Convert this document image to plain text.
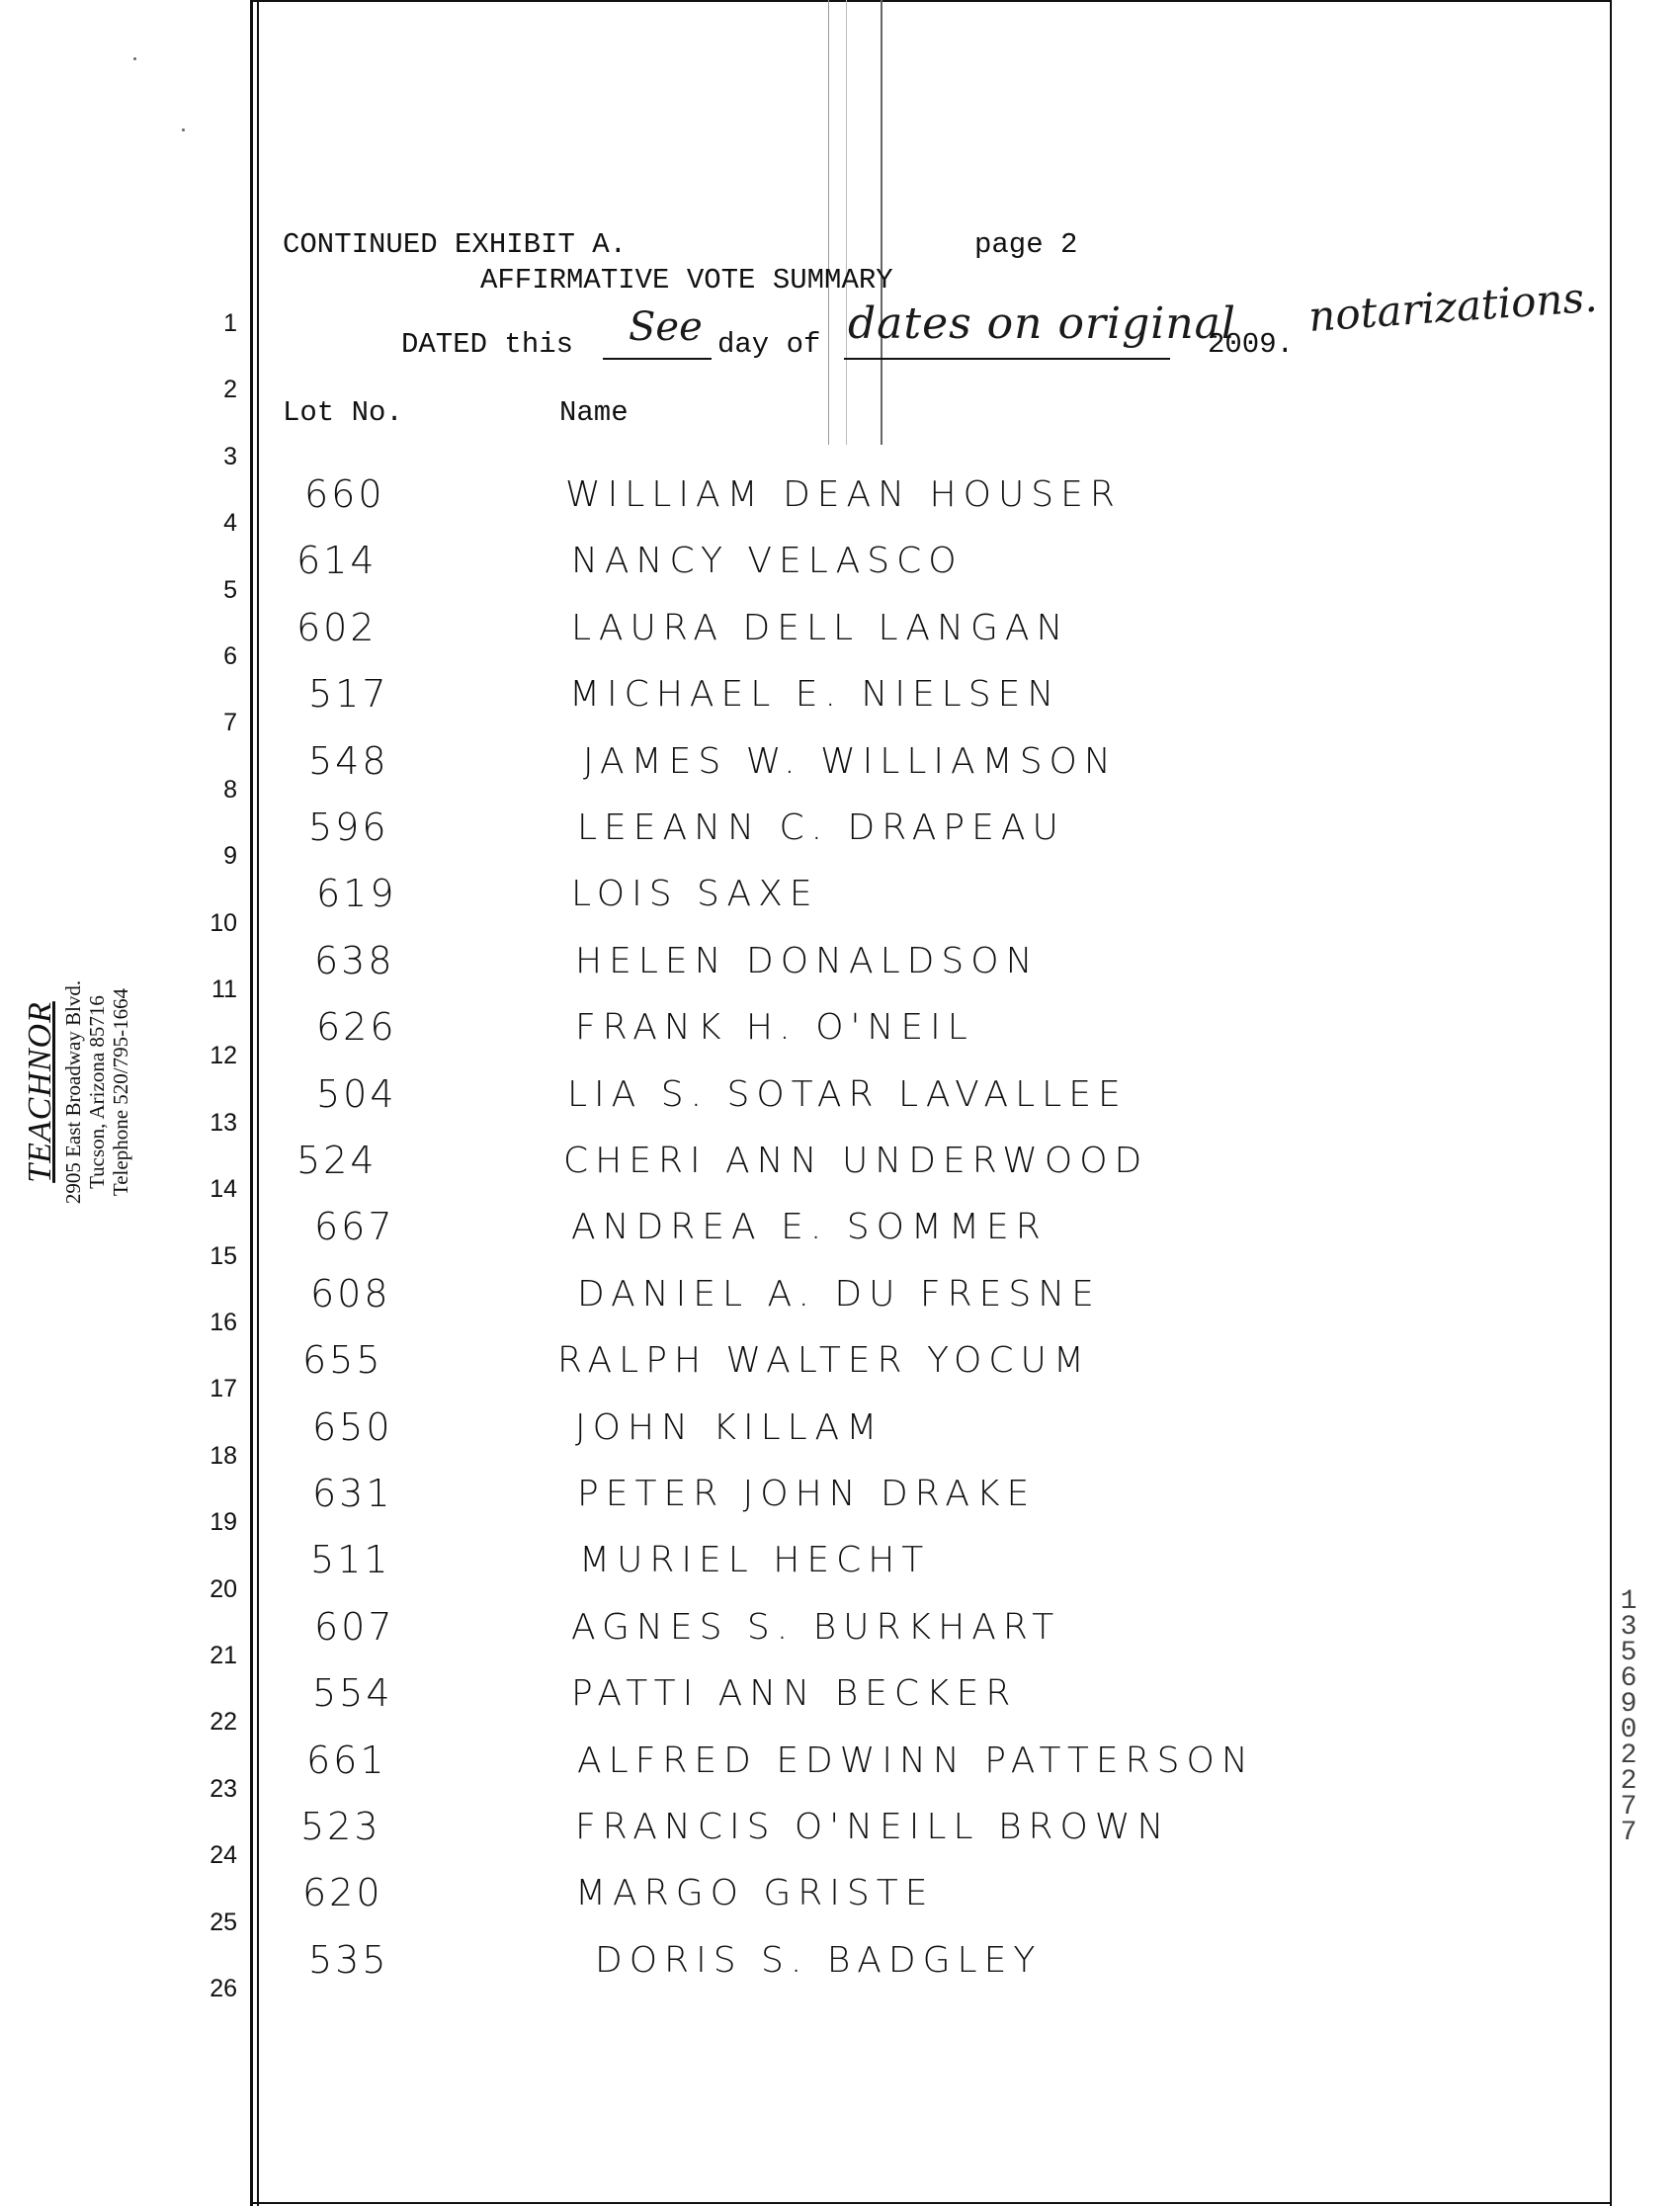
1
2
3
4
5
6
7
8
9
10
11
12
13
14
15
16
17
18
19
20
21
22
23
24
25
26
CONTINUED EXHIBIT A.	page 2
AFFIRMATIVE VOTE SUMMARY
DATED this See day of dates on original
2009.
notarizations.
Lot No.	Name
660	WILLIAM DEAN HOUSER
614	NANCY VELASCO
602	LAURA DELL LANGAN
517	MICHAEL E. NIELSEN
548	JAMES W. WILLIAMSON
596	LEEANN C. DRAPEAU
619	LOIS SAXE
638	HELEN DONALDSON
626	FRANK H. O'NEIL
504	LIA S. SOTAR LAVALLEE
524	CHERI ANN UNDERWOOD
667	ANDREA E. SOMMER
608	DANIEL A. DU FRESNE
655	RALPH WALTER YOCUM
650	JOHN KILLAM
631	PETER JOHN DRAKE
511	MURIEL HECHT
607	AGNES S. BURKHART
554	PATTI ANN BECKER
661	ALFRED EDWINN PATTERSON
523	FRANCIS O'NEILL BROWN
620	MARGO GRISTE
535	DORIS S. BADGLEY
TEACHNOR 2905 East Broadway Blvd. Tucson, Arizona 85716 Telephone 520/795-1664
1356902277
